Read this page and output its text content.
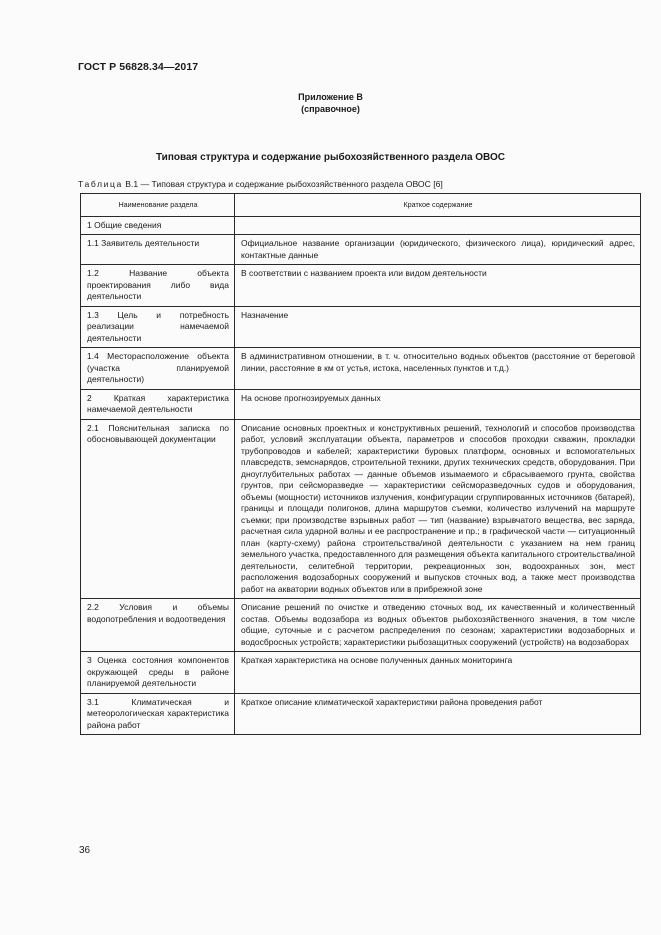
ГОСТ Р 56828.34—2017
Приложение В
(справочное)
Типовая структура и содержание рыбохозяйственного раздела ОВОС
Таблица В.1 — Типовая структура и содержание рыбохозяйственного раздела ОВОС [6]
Наименование раздела	Краткое содержание
1 Общие сведения	
1.1 Заявитель деятельности	Официальное название организации (юридического, физического лица), юридический адрес, контактные данные
1.2 Название объекта проектирования либо вида деятельности	В соответствии с названием проекта или видом деятельности
1.3 Цель и потребность реализации намечаемой деятельности	Назначение
1.4 Месторасположение объекта (участка планируемой деятельности)	В административном отношении, в т. ч. относительно водных объектов (расстояние от береговой линии, расстояние в км от устья, истока, населенных пунктов и т.д.)
2 Краткая характеристика намечаемой деятельности	На основе прогнозируемых данных
2.1 Пояснительная записка по обосновывающей документации	Описание основных проектных и конструктивных решений, технологий и способов производства работ, условий эксплуатации объекта, параметров и способов проходки скважин, прокладки трубопроводов и кабелей; характеристики буровых платформ, основных и вспомогательных плавсредств, земснарядов, строительной техники, других технических средств, оборудования. При дноуглубительных работах — данные объемов изымаемого и сбрасываемого грунта, свойства грунтов, при сейсморазведке — характеристики сейсморазведочных судов и оборудования, объемы (мощности) источников излучения, конфигурации сгруппированных источников (батарей), границы и площади полигонов, длина маршрутов съемки, количество излучений на маршруте съемки; при производстве взрывных работ — тип (название) взрывчатого вещества, вес заряда, расчетная сила ударной волны и ее распространение и пр.; в графической части — ситуационный план (карту-схему) района строительства/иной деятельности с указанием на нем границ земельного участка, предоставленного для размещения объекта капитального строительства/иной деятельности, селитебной территории, рекреационных зон, водоохранных зон, мест расположения водозаборных сооружений и выпусков сточных вод, а также мест производства работ на акватории водных объектов или в прибрежной зоне
2.2 Условия и объемы водопотребления и водоотведения	Описание решений по очистке и отведению сточных вод, их качественный и количественный состав. Объемы водозабора из водных объектов рыбохозяйственного значения, в том числе общие, суточные и с расчетом распределения по сезонам; характеристики водозаборных и водосбросных устройств; характеристики рыбозащитных сооружений (устройств) на водозаборах
3 Оценка состояния компонентов окружающей среды в районе планируемой деятельности	Краткая характеристика на основе полученных данных мониторинга
3.1 Климатическая и метеорологическая характеристика района работ	Краткое описание климатической характеристики района проведения работ
36
